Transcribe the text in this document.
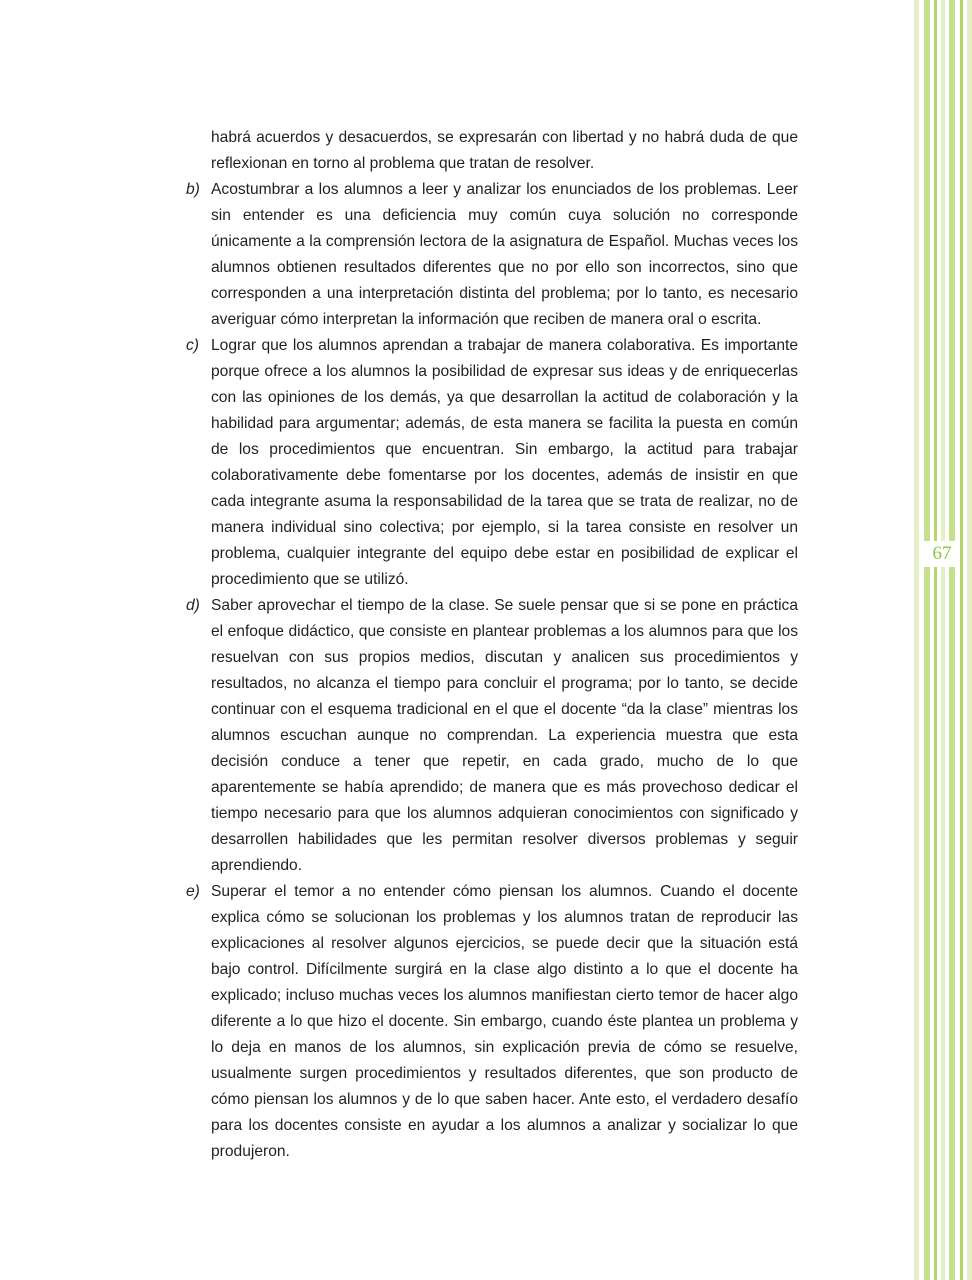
67
habrá acuerdos y desacuerdos, se expresarán con libertad y no habrá duda de que reflexionan en torno al problema que tratan de resolver.
b) Acostumbrar a los alumnos a leer y analizar los enunciados de los problemas. Leer sin entender es una deficiencia muy común cuya solución no corresponde únicamente a la comprensión lectora de la asignatura de Español. Muchas veces los alumnos obtienen resultados diferentes que no por ello son incorrectos, sino que corresponden a una interpretación distinta del problema; por lo tanto, es necesario averiguar cómo interpretan la información que reciben de manera oral o escrita.
c) Lograr que los alumnos aprendan a trabajar de manera colaborativa. Es importante porque ofrece a los alumnos la posibilidad de expresar sus ideas y de enriquecerlas con las opiniones de los demás, ya que desarrollan la actitud de colaboración y la habilidad para argumentar; además, de esta manera se facilita la puesta en común de los procedimientos que encuentran. Sin embargo, la actitud para trabajar colaborativamente debe fomentarse por los docentes, además de insistir en que cada integrante asuma la responsabilidad de la tarea que se trata de realizar, no de manera individual sino colectiva; por ejemplo, si la tarea consiste en resolver un problema, cualquier integrante del equipo debe estar en posibilidad de explicar el procedimiento que se utilizó.
d) Saber aprovechar el tiempo de la clase. Se suele pensar que si se pone en práctica el enfoque didáctico, que consiste en plantear problemas a los alumnos para que los resuelvan con sus propios medios, discutan y analicen sus procedimientos y resultados, no alcanza el tiempo para concluir el programa; por lo tanto, se decide continuar con el esquema tradicional en el que el docente “da la clase” mientras los alumnos escuchan aunque no comprendan. La experiencia muestra que esta decisión conduce a tener que repetir, en cada grado, mucho de lo que aparentemente se había aprendido; de manera que es más provechoso dedicar el tiempo necesario para que los alumnos adquieran conocimientos con significado y desarrollen habilidades que les permitan resolver diversos problemas y seguir aprendiendo.
e) Superar el temor a no entender cómo piensan los alumnos. Cuando el docente explica cómo se solucionan los problemas y los alumnos tratan de reproducir las explicaciones al resolver algunos ejercicios, se puede decir que la situación está bajo control. Difícilmente surgirá en la clase algo distinto a lo que el docente ha explicado; incluso muchas veces los alumnos manifiestan cierto temor de hacer algo diferente a lo que hizo el docente. Sin embargo, cuando éste plantea un problema y lo deja en manos de los alumnos, sin explicación previa de cómo se resuelve, usualmente surgen procedimientos y resultados diferentes, que son producto de cómo piensan los alumnos y de lo que saben hacer. Ante esto, el verdadero desafío para los docentes consiste en ayudar a los alumnos a analizar y socializar lo que produjeron.
